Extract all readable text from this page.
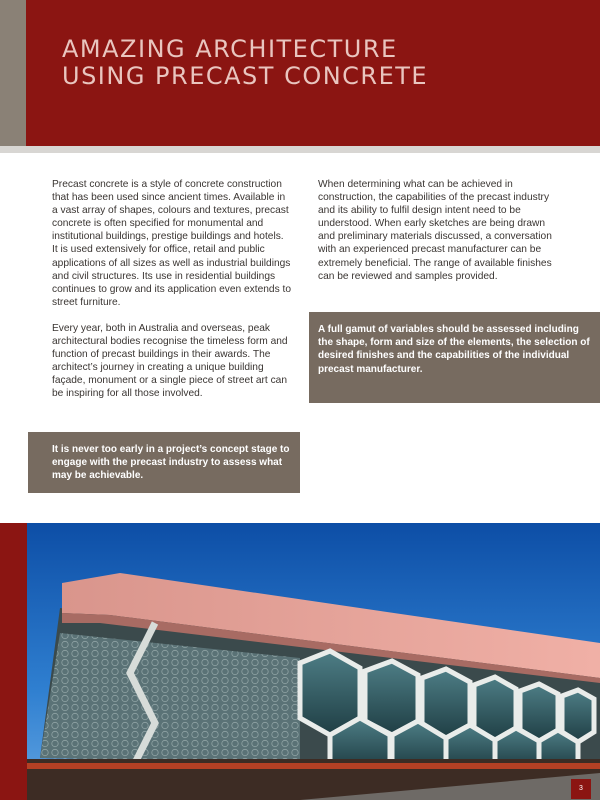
AMAZING ARCHITECTURE
USING PRECAST CONCRETE

Precast concrete is a style of concrete construction that has been used since ancient times. Available in a vast array of shapes, colours and textures, precast concrete is often specified for monumental and institutional buildings, prestige buildings and hotels. It is used extensively for office, retail and public applications of all sizes as well as industrial buildings and civil structures. Its use in residential buildings continues to grow and its application even extends to street furniture.

Every year, both in Australia and overseas, peak architectural bodies recognise the timeless form and function of precast buildings in their awards. The architect’s journey in creating a unique building façade, monument or a single piece of street art can be inspiring for all those involved.

When determining what can be achieved in construction, the capabilities of the precast industry and its ability to fulfil design intent need to be understood. When early sketches are being drawn and preliminary materials discussed, a conversation with an experienced precast manufacturer can be extremely beneficial. The range of available finishes can be reviewed and samples provided.

It is never too early in a project’s concept stage to engage with the precast industry to assess what may be achievable.
A full gamut of variables should be assessed including the shape, form and size of the elements, the selection of desired finishes and the capabilities of the individual precast manufacturer.
3
